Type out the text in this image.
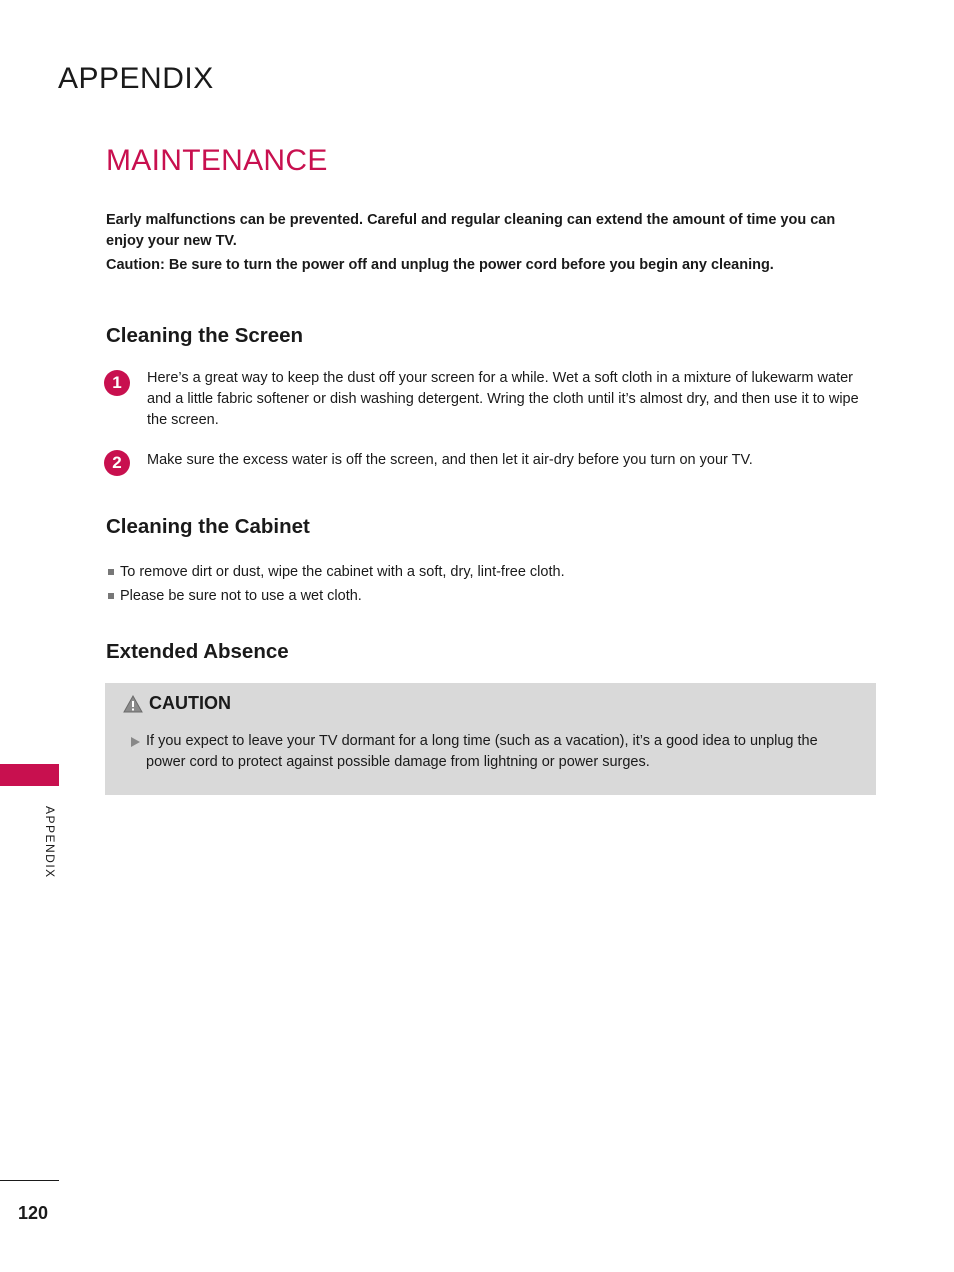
APPENDIX
MAINTENANCE

Early malfunctions can be prevented. Careful and regular cleaning can extend the amount of time you can enjoy your new TV.

Caution: Be sure to turn the power off and unplug the power cord before you begin any cleaning.

Cleaning the Screen
1	Here’s a great way to keep the dust off your screen for a while. Wet a soft cloth in a mixture of lukewarm water and a little fabric softener or dish washing detergent. Wring the cloth until it’s almost dry, and then use it to wipe the screen.
2	Make sure the excess water is off the screen, and then let it air-dry before you turn on your TV.
Cleaning the Cabinet
To remove dirt or dust, wipe the cabinet with a soft, dry, lint-free cloth.
Please be sure not to use a wet cloth.
Extended Absence
CAUTION
If you expect to leave your TV dormant for a long time (such as a vacation), it’s a good idea to unplug the power cord to protect against possible damage from lightning or power surges.
APPENDIX
120
